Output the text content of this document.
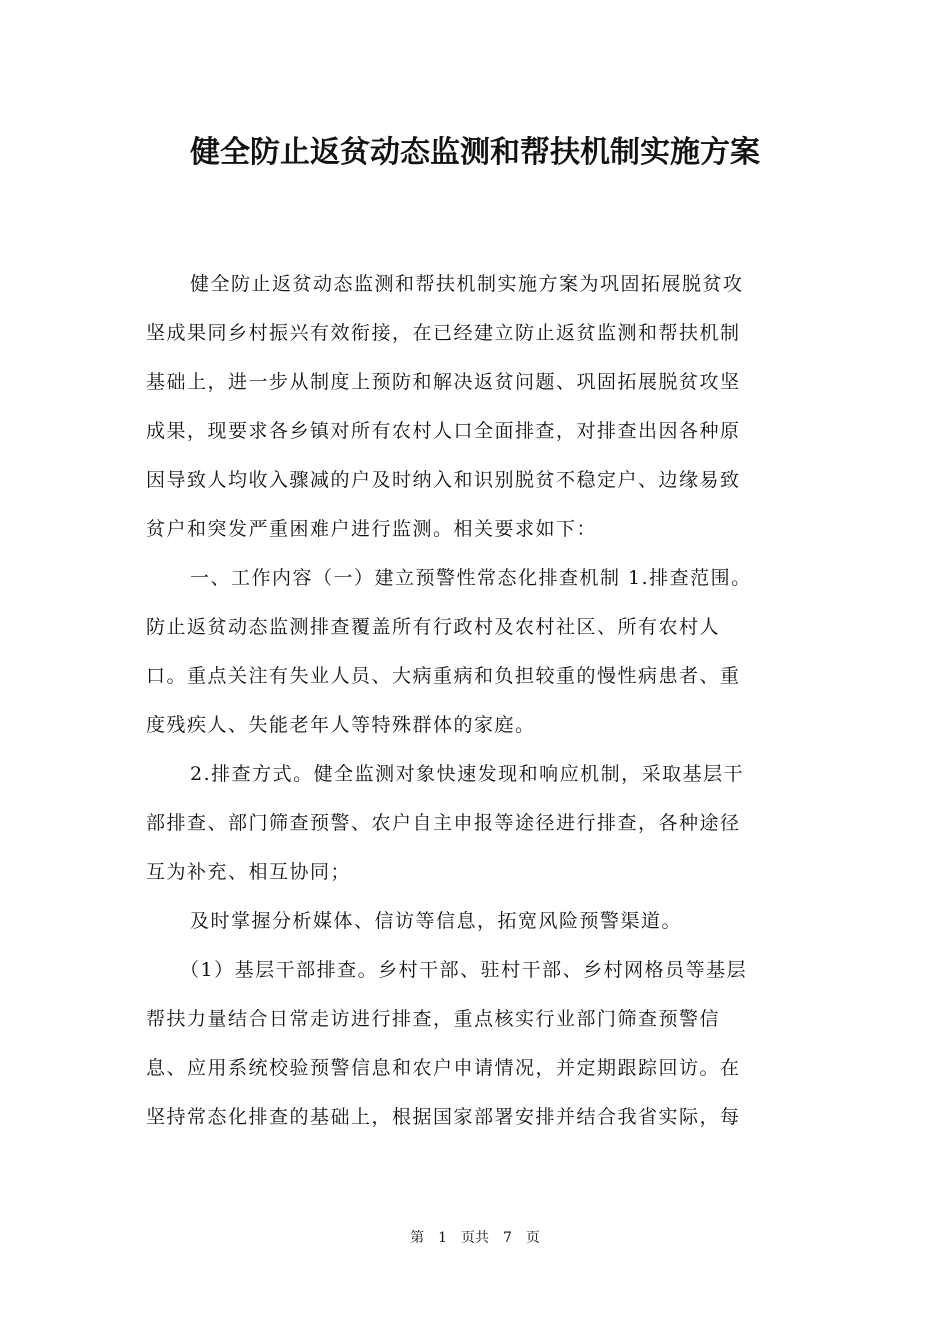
健全防止返贫动态监测和帮扶机制实施方案
健全防止返贫动态监测和帮扶机制实施方案为巩固拓展脱贫攻
坚成果同乡村振兴有效衔接，在已经建立防止返贫监测和帮扶机制
基础上，进一步从制度上预防和解决返贫问题、巩固拓展脱贫攻坚
成果，现要求各乡镇对所有农村人口全面排查，对排查出因各种原
因导致人均收入骤减的户及时纳入和识别脱贫不稳定户、边缘易致
贫户和突发严重困难户进行监测。相关要求如下：
一、工作内容（一）建立预警性常态化排查机制 1.排查范围。
防止返贫动态监测排查覆盖所有行政村及农村社区、所有农村人
口。重点关注有失业人员、大病重病和负担较重的慢性病患者、重
度残疾人、失能老年人等特殊群体的家庭。
2.排查方式。健全监测对象快速发现和响应机制，采取基层干
部排查、部门筛查预警、农户自主申报等途径进行排查，各种途径
互为补充、相互协同；
及时掌握分析媒体、信访等信息，拓宽风险预警渠道。
（1）基层干部排查。乡村干部、驻村干部、乡村网格员等基层
帮扶力量结合日常走访进行排查，重点核实行业部门筛查预警信
息、应用系统校验预警信息和农户申请情况，并定期跟踪回访。在
坚持常态化排查的基础上，根据国家部署安排并结合我省实际，每
第　1　页共　7　页
